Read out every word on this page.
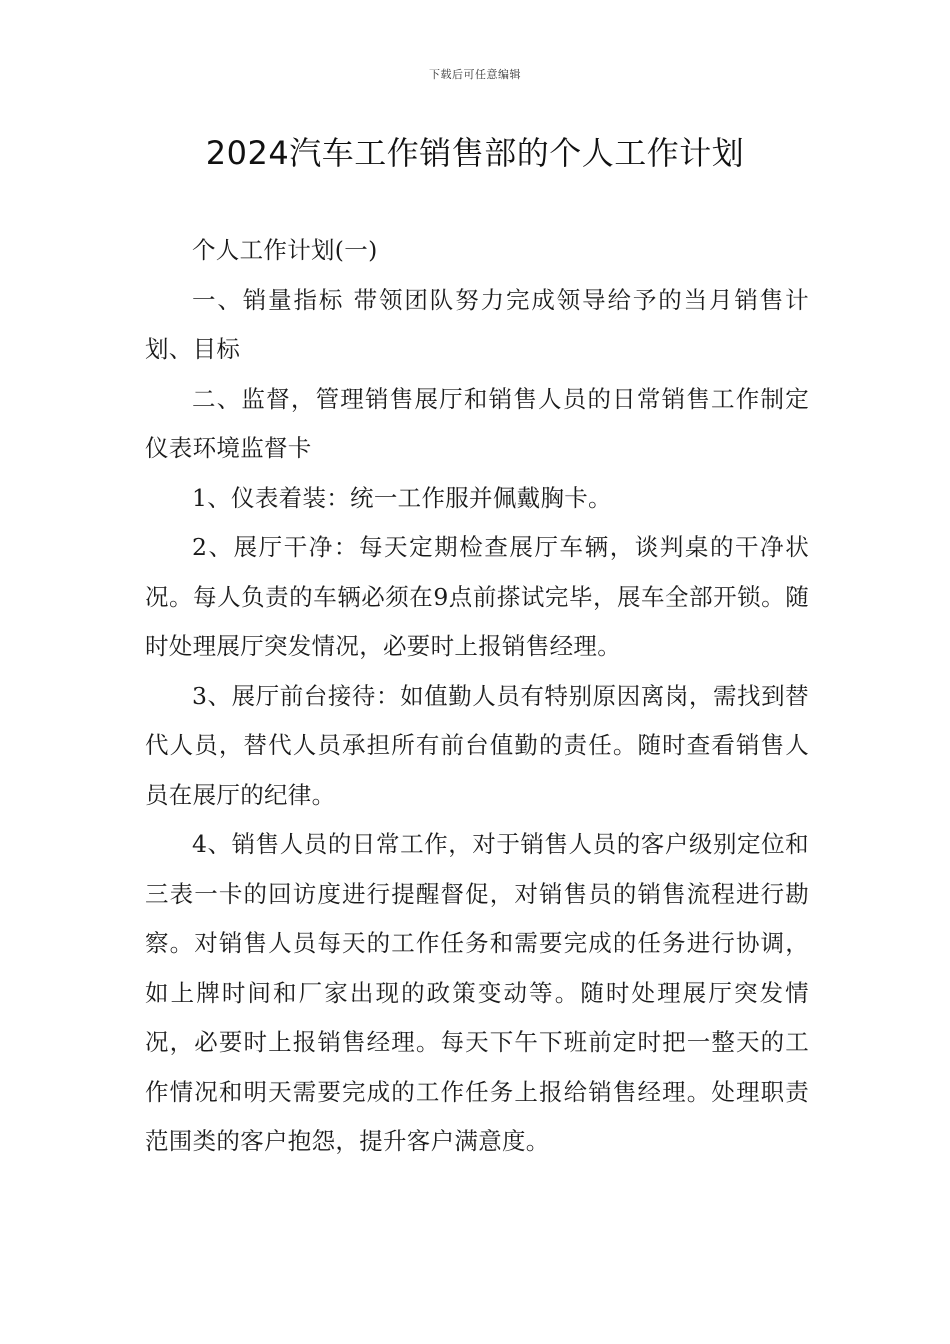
下载后可任意编辑
2024汽车工作销售部的个人工作计划

个人工作计划(一)

一、销量指标 带领团队努力完成领导给予的当月销售计划、目标

二、监督，管理销售展厅和销售人员的日常销售工作制定仪表环境监督卡

1、仪表着装：统一工作服并佩戴胸卡。

2、展厅干净：每天定期检查展厅车辆，谈判桌的干净状况。每人负责的车辆必须在9点前搽试完毕，展车全部开锁。随时处理展厅突发情况，必要时上报销售经理。

3、展厅前台接待：如值勤人员有特别原因离岗，需找到替代人员，替代人员承担所有前台值勤的责任。随时查看销售人员在展厅的纪律。

4、销售人员的日常工作，对于销售人员的客户级别定位和三表一卡的回访度进行提醒督促，对销售员的销售流程进行勘察。对销售人员每天的工作任务和需要完成的任务进行协调，如上牌时间和厂家出现的政策变动等。随时处理展厅突发情况，必要时上报销售经理。每天下午下班前定时把一整天的工作情况和明天需要完成的工作任务上报给销售经理。处理职责范围类的客户抱怨，提升客户满意度。
